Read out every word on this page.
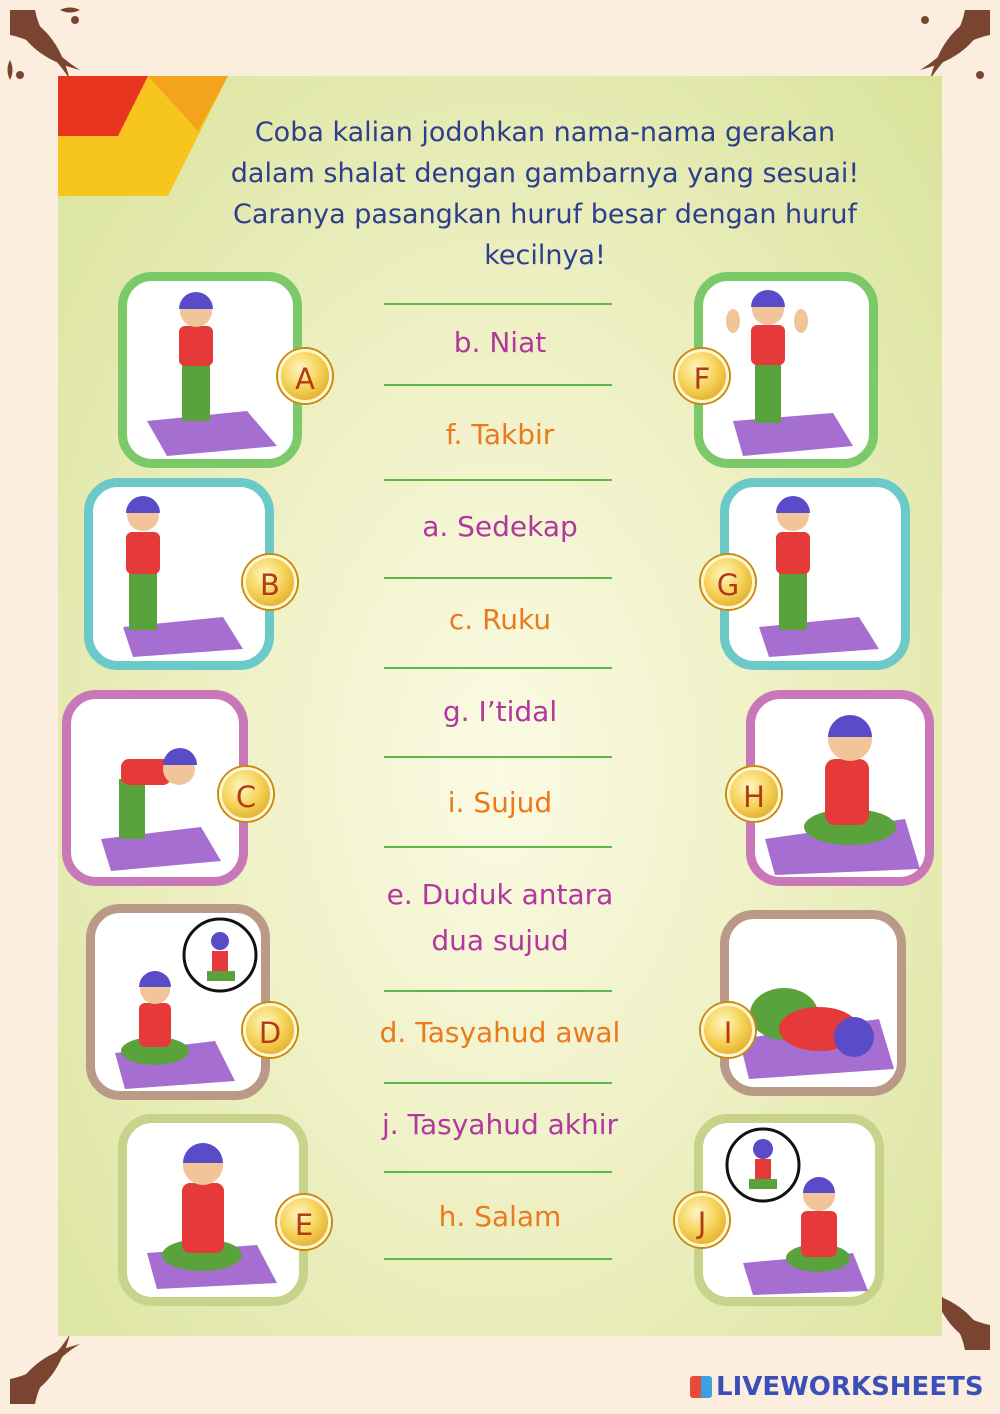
Coba kalian jodohkan nama-nama gerakan
dalam shalat dengan gambarnya yang sesuai!
Caranya pasangkan huruf besar dengan huruf
kecilnya!
A
B
C
D
E
F
G
H
I
J
b. Niat
f. Takbir
a. Sedekap
c. Ruku
g. I’tidal
i. Sujud
e. Duduk antara
dua sujud
d. Tasyahud awal
j. Tasyahud akhir
h. Salam
LIVEWORKSHEETS
